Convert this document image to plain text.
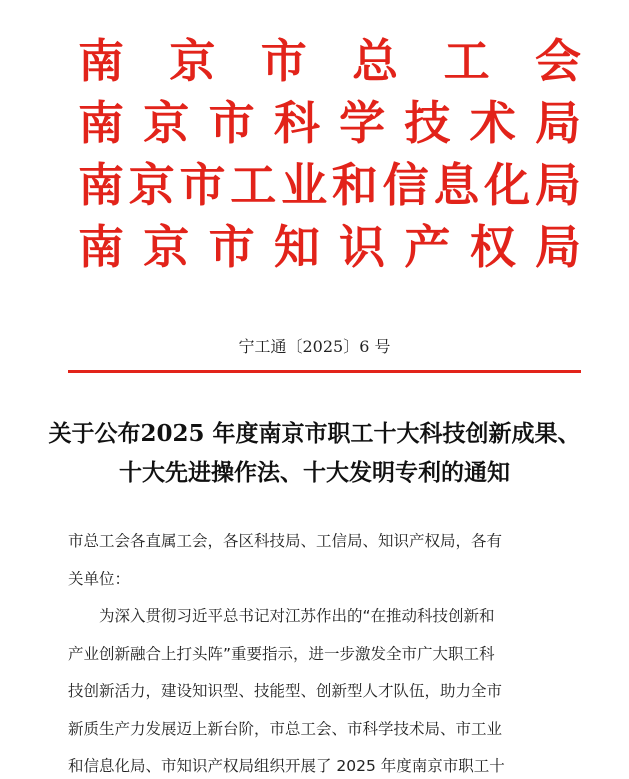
南 京 市 总 工 会
南 京 市 科 学 技 术 局
南 京 市 工 业 和 信 息 化 局
南 京 市 知 识 产 权 局
宁工通〔2025〕6 号
关于公布2025 年度南京市职工十大科技创新成果、
十大先进操作法、十大发明专利的通知
市总工会各直属工会，各区科技局、工信局、知识产权局，各有
关单位：
为深入贯彻习近平总书记对江苏作出的“在推动科技创新和
产业创新融合上打头阵”重要指示，进一步激发全市广大职工科
技创新活力，建设知识型、技能型、创新型人才队伍，助力全市
新质生产力发展迈上新台阶，市总工会、市科学技术局、市工业
和信息化局、市知识产权局组织开展了 2025 年度南京市职工十
